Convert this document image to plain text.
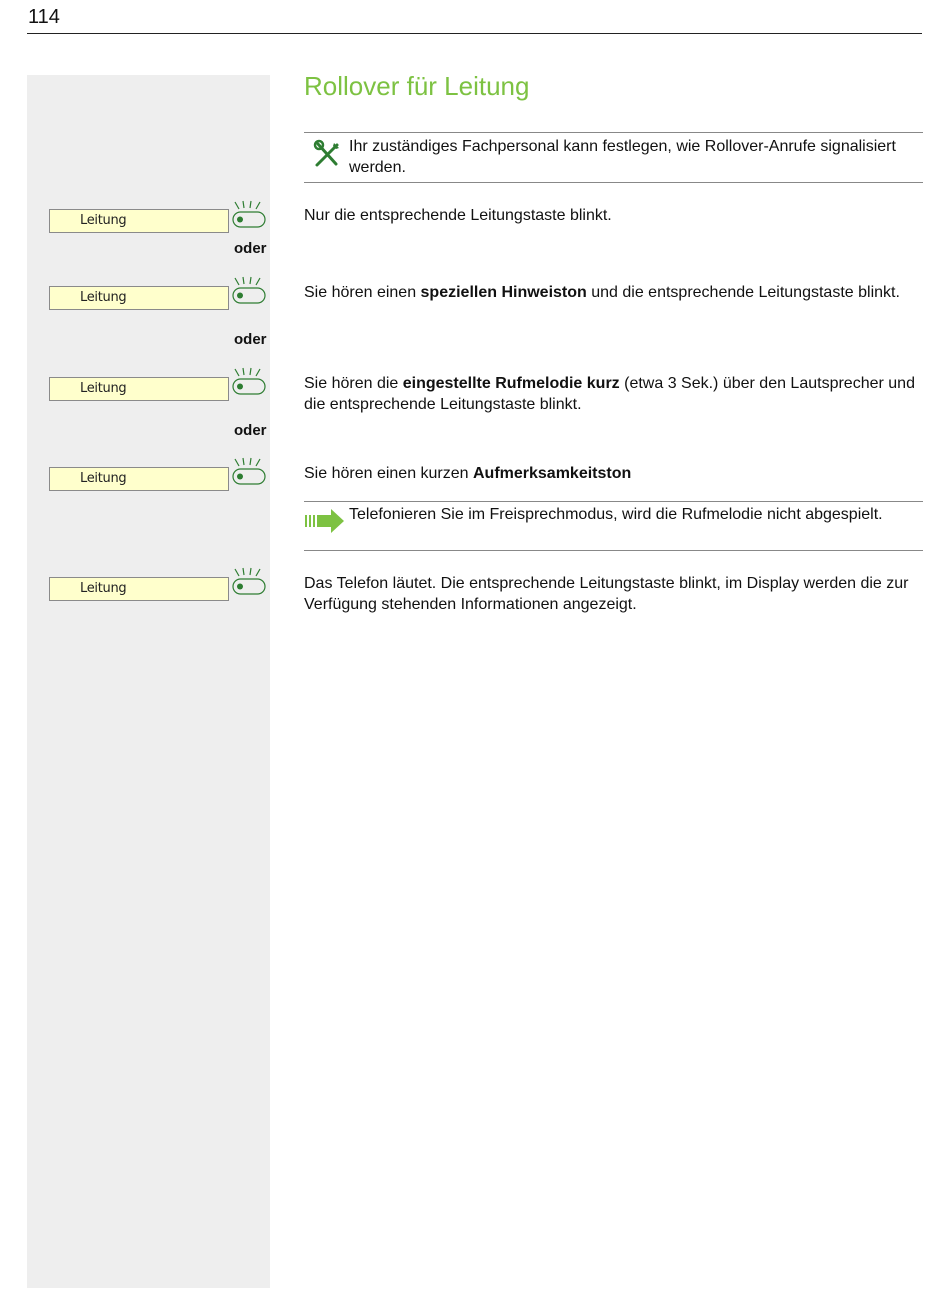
114
Leitung
oder
Leitung
oder
Leitung
oder
Leitung
Leitung
Rollover für Leitung
Ihr zuständiges Fachpersonal kann festlegen, wie Rollover-Anrufe signalisiert werden.
Nur die entsprechende Leitungstaste blinkt.
Sie hören einen speziellen Hinweiston und die entsprechende Leitungstaste blinkt.
Sie hören die eingestellte Rufmelodie kurz (etwa 3 Sek.) über den Lautsprecher und die entsprechende Leitungstaste blinkt.
Sie hören einen kurzen Aufmerksamkeitston
Telefonieren Sie im Freisprechmodus, wird die Rufmelodie nicht abgespielt.
Das Telefon läutet. Die entsprechende Leitungstaste blinkt, im Display werden die zur Verfügung stehenden Informationen angezeigt.
